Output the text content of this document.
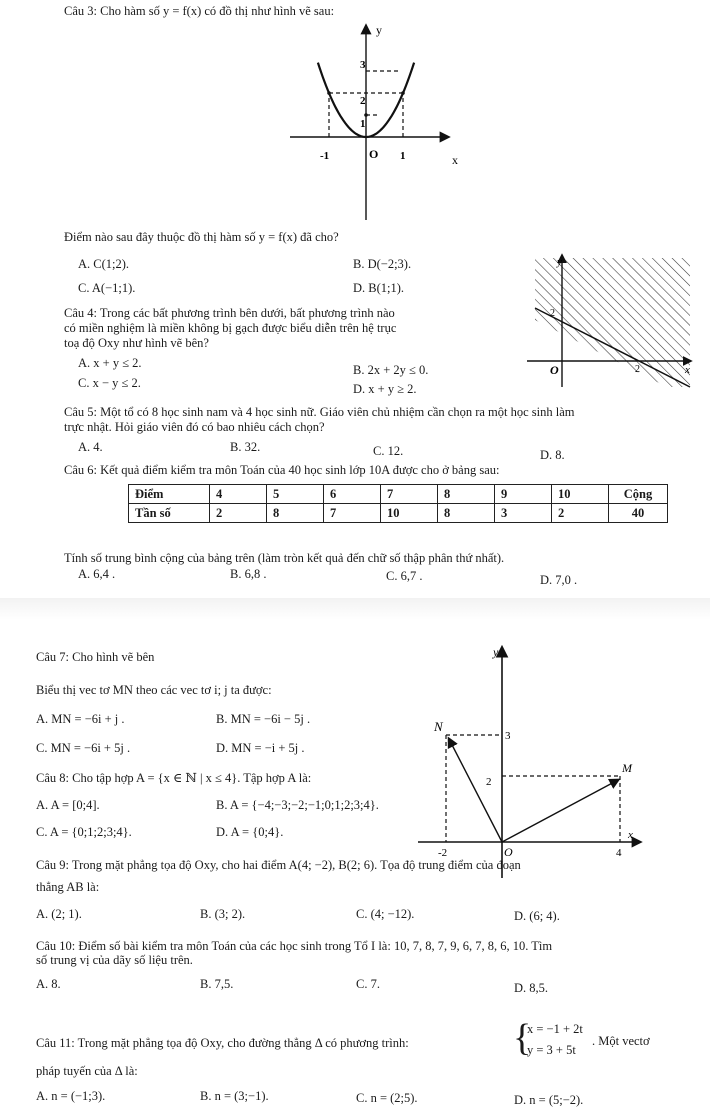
Câu 3: Cho hàm số y = f(x) có đồ thị như hình vẽ sau:
y
x
3
2
1
-1	O 1
Điểm nào sau đây thuộc đồ thị hàm số y = f(x) đã cho?
A. C(1;2).	B. D(−2;3).
C. A(−1;1).	D. B(1;1).
Câu 4: Trong các bất phương trình bên dưới, bất phương trình nào
có miền nghiệm là miền không bị gạch được biểu diễn trên hệ trục
toạ độ Oxy như hình vẽ bên?
A. x + y ≤ 2.	B. 2x + 2y ≤ 0.
C. x − y ≤ 2.	D. x + y ≥ 2.
y
2
O	2	x
Câu 5: Một tổ có 8 học sinh nam và 4 học sinh nữ. Giáo viên chủ nhiệm cần chọn ra một học sinh làm
trực nhật. Hỏi giáo viên đó có bao nhiêu cách chọn?
A. 4.	B. 32.	C. 12.	D. 8.
Câu 6: Kết quả điểm kiểm tra môn Toán của 40 học sinh lớp 10A được cho ở bảng sau:
Điểm	4	5	6	7	8	9	10	Cộng
Tần số	2	8	7	10	8	3	2	40
Tính số trung bình cộng của bảng trên (làm tròn kết quả đến chữ số thập phân thứ nhất).
A. 6,4 .	B. 6,8 .	C. 6,7 .	D. 7,0 .
Câu 7: Cho hình vẽ bên
Biểu thị vec tơ MN theo các vec tơ i; j ta được:
A. MN = −6i + j .	B. MN = −6i − 5j .
C. MN = −6i + 5j .	D. MN = −i + 5j .
y
N
3
M
2
x
-2	O	4
Câu 8: Cho tập hợp A = {x ∈ ℕ | x ≤ 4}. Tập hợp A là:
A. A = [0;4].	B. A = {−4;−3;−2;−1;0;1;2;3;4}.
C. A = {0;1;2;3;4}.	D. A = {0;4}.
Câu 9: Trong mặt phẳng tọa độ Oxy, cho hai điểm A(4; −2), B(2; 6). Tọa độ trung điểm của đoạn
thẳng AB là:
A. (2; 1).	B. (3; 2).	C. (4; −12).	D. (6; 4).
Câu 10: Điểm số bài kiểm tra môn Toán của các học sinh trong Tổ I là: 10, 7, 8, 7, 9, 6, 7, 8, 6, 10. Tìm
số trung vị của dãy số liệu trên.
A. 8.	B. 7,5.	C. 7.	D. 8,5.
Câu 11: Trong mặt phẳng tọa độ Oxy, cho đường thẳng Δ có phương trình:	{
x = −1 + 2t
y = 3 + 5t
. Một vectơ
pháp tuyến của Δ là:
A. n = (−1;3).	B. n = (3;−1).	C. n = (2;5).	D. n = (5;−2).
